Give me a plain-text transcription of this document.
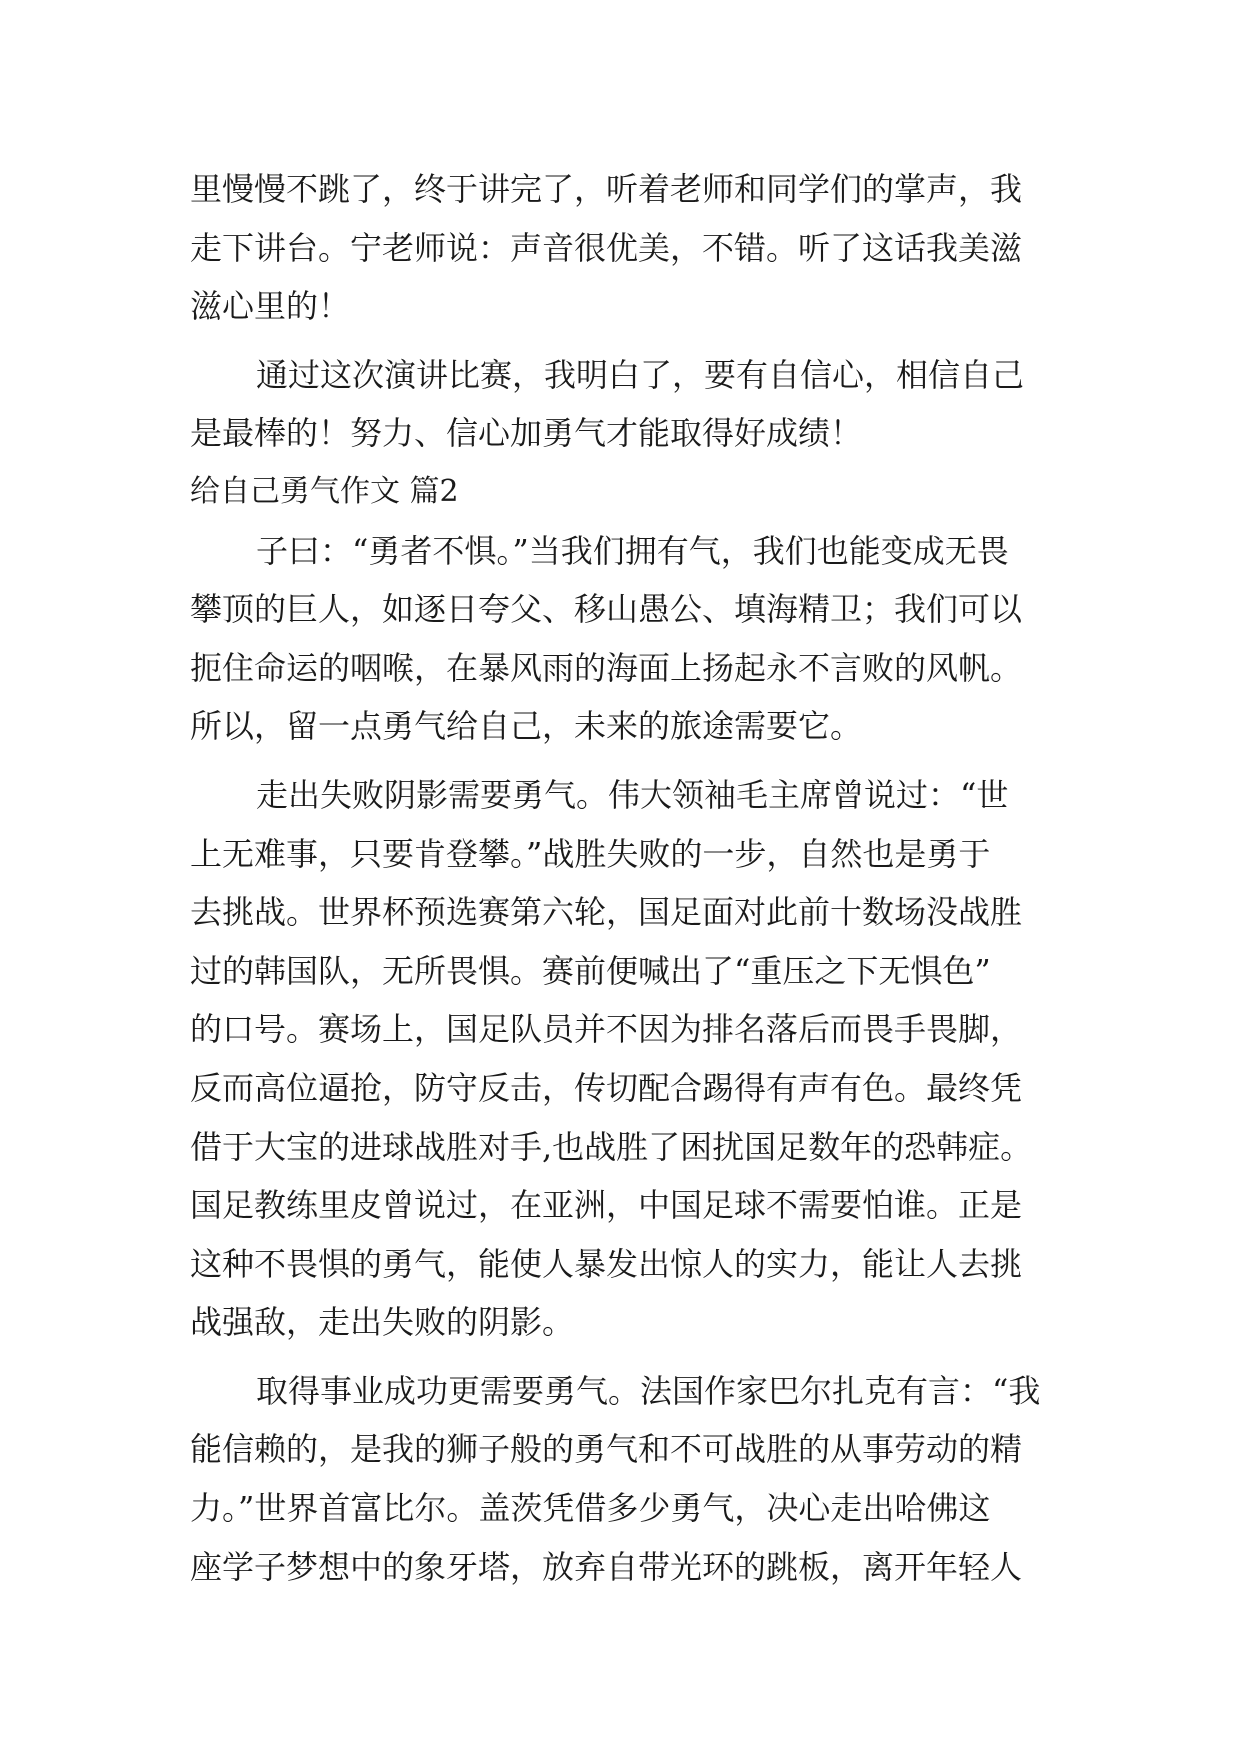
里慢慢不跳了，终于讲完了，听着老师和同学们的掌声，我
走下讲台。宁老师说：声音很优美，不错。听了这话我美滋
滋心里的！
通过这次演讲比赛，我明白了，要有自信心，相信自己
是最棒的！努力、信心加勇气才能取得好成绩！
给自己勇气作文 篇2
子曰：“勇者不惧。”当我们拥有气，我们也能变成无畏
攀顶的巨人，如逐日夸父、移山愚公、填海精卫；我们可以
扼住命运的咽喉，在暴风雨的海面上扬起永不言败的风帆。
所以，留一点勇气给自己，未来的旅途需要它。
走出失败阴影需要勇气。伟大领袖毛主席曾说过：“世
上无难事，只要肯登攀。”战胜失败的一步，自然也是勇于
去挑战。世界杯预选赛第六轮，国足面对此前十数场没战胜
过的韩国队，无所畏惧。赛前便喊出了“重压之下无惧色”
的口号。赛场上，国足队员并不因为排名落后而畏手畏脚，
反而高位逼抢，防守反击，传切配合踢得有声有色。最终凭
借于大宝的进球战胜对手,也战胜了困扰国足数年的恐韩症。
国足教练里皮曾说过，在亚洲，中国足球不需要怕谁。正是
这种不畏惧的勇气，能使人暴发出惊人的实力，能让人去挑
战强敌，走出失败的阴影。
取得事业成功更需要勇气。法国作家巴尔扎克有言：“我
能信赖的，是我的狮子般的勇气和不可战胜的从事劳动的精
力。”世界首富比尔。盖茨凭借多少勇气，决心走出哈佛这
座学子梦想中的象牙塔，放弃自带光环的跳板，离开年轻人
